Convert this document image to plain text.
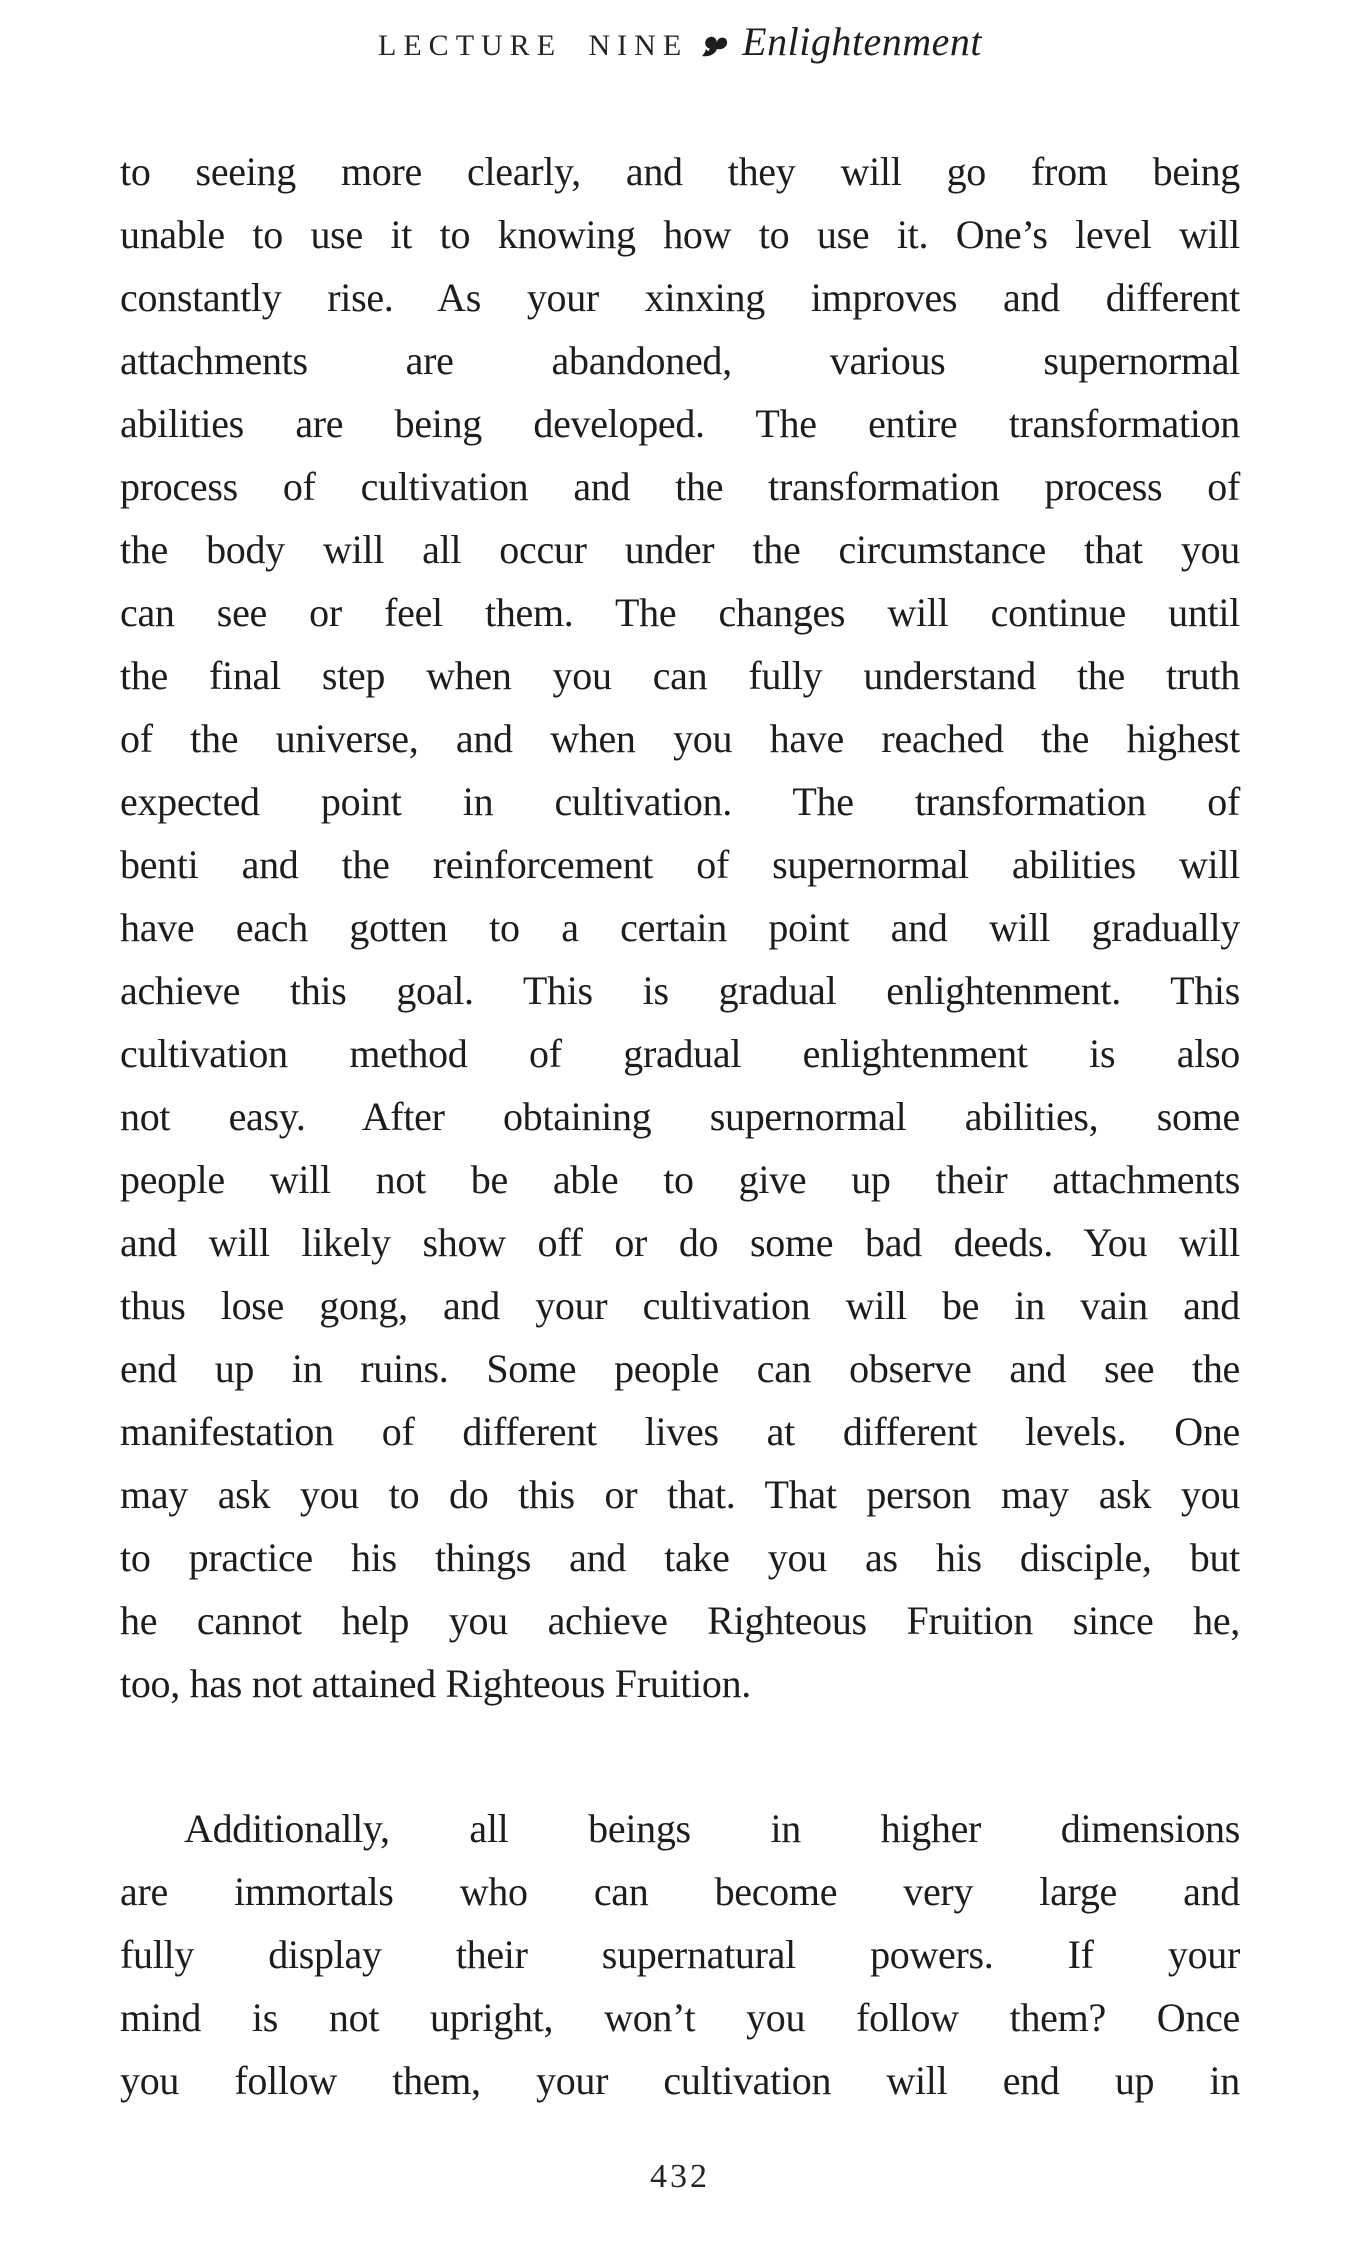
LECTURE NINE Enlightenment
to seeing more clearly, and they will go from being
unable to use it to knowing how to use it. One’s level will
constantly rise. As your xinxing improves and different
attachments are abandoned, various supernormal
abilities are being developed. The entire transformation
process of cultivation and the transformation process of
the body will all occur under the circumstance that you
can see or feel them. The changes will continue until
the final step when you can fully understand the truth
of the universe, and when you have reached the highest
expected point in cultivation. The transformation of
benti and the reinforcement of supernormal abilities will
have each gotten to a certain point and will gradually
achieve this goal. This is gradual enlightenment. This
cultivation method of gradual enlightenment is also
not easy. After obtaining supernormal abilities, some
people will not be able to give up their attachments
and will likely show off or do some bad deeds. You will
thus lose gong, and your cultivation will be in vain and
end up in ruins. Some people can observe and see the
manifestation of different lives at different levels. One
may ask you to do this or that. That person may ask you
to practice his things and take you as his disciple, but
he cannot help you achieve Righteous Fruition since he,
too, has not attained Righteous Fruition.
Additionally, all beings in higher dimensions
are immortals who can become very large and
fully display their supernatural powers. If your
mind is not upright, won’t you follow them? Once
you follow them, your cultivation will end up in
432
